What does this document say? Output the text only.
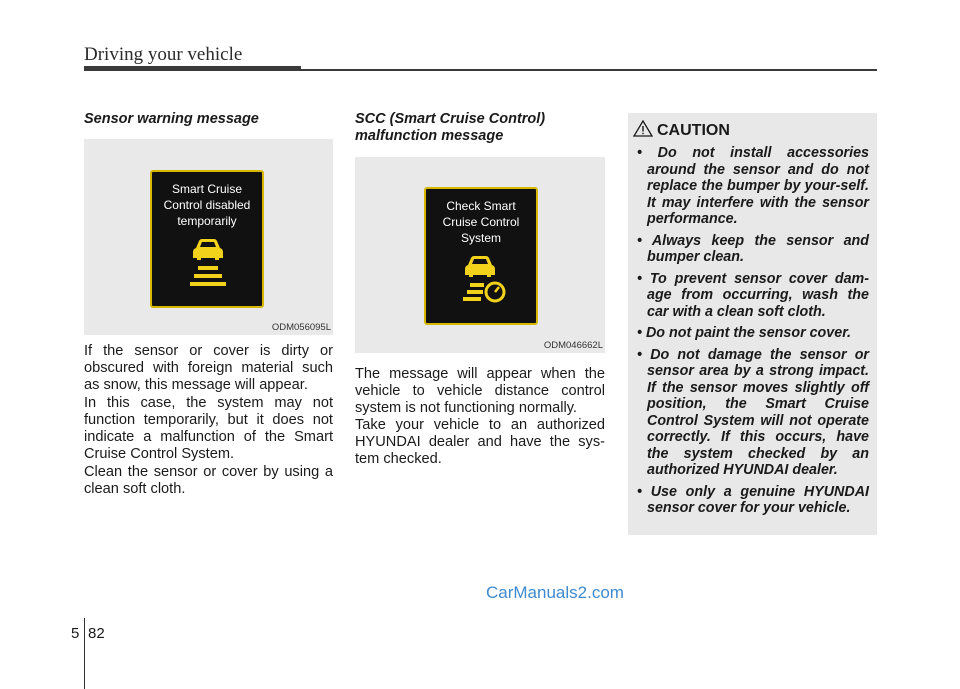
Driving your vehicle
Sensor warning message
Smart Cruise
Control disabled
temporarily
ODM056095L

If the sensor or cover is dirty or obscured with foreign material such as snow, this message will appear.

In this case, the system may not function temporarily, but it does not indicate a malfunction of the Smart Cruise Control System.

Clean the sensor or cover by using a clean soft cloth.

SCC (Smart Cruise Control)
malfunction message
Check Smart
Cruise Control
System
ODM046662L

The message will appear when the vehicle to vehicle distance control system is not functioning normally.

Take your vehicle to an authorized HYUNDAI dealer and have the sys-tem checked.

CAUTION
• Do not install accessories around the sensor and do not replace the bumper by your-self. It may interfere with the sensor performance.
• Always keep the sensor and bumper clean.
• To prevent sensor cover dam-age from occurring, wash the car with a clean soft cloth.
• Do not paint the sensor cover.
• Do not damage the sensor or sensor area by a strong impact. If the sensor moves slightly off position, the Smart Cruise Control System will not operate correctly. If this occurs, have the system checked by an authorized HYUNDAI dealer.
• Use only a genuine HYUNDAI sensor cover for your vehicle.
CarManuals2.com
5 82
